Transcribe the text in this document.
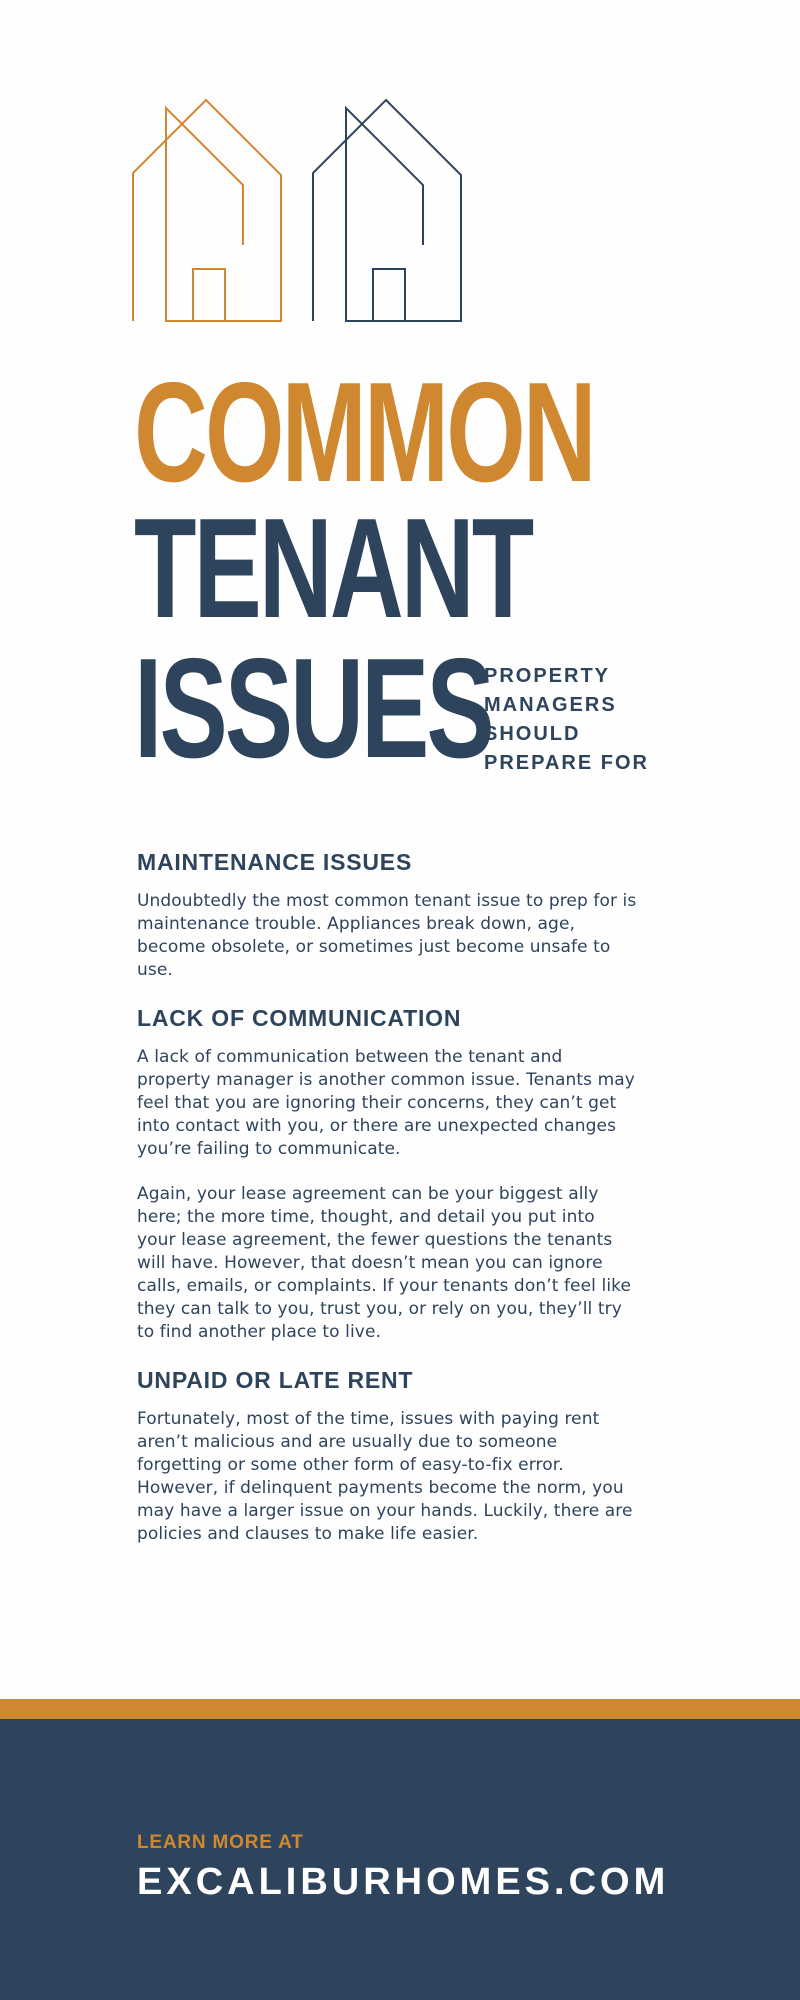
COMMON
TENANT
ISSUES
PROPERTY
MANAGERS
SHOULD
PREPARE FOR
MAINTENANCE ISSUES

Undoubtedly the most common tenant issue to prep for is maintenance trouble. Appliances break down, age, become obsolete, or sometimes just become unsafe to use.

LACK OF COMMUNICATION

A lack of communication between the tenant and property manager is another common issue. Tenants may feel that you are ignoring their concerns, they can’t get into contact with you, or there are unexpected changes you’re failing to communicate.

Again, your lease agreement can be your biggest ally here; the more time, thought, and detail you put into your lease agreement, the fewer questions the tenants will have. However, that doesn’t mean you can ignore calls, emails, or complaints. If your tenants don’t feel like they can talk to you, trust you, or rely on you, they’ll try to find another place to live.

UNPAID OR LATE RENT

Fortunately, most of the time, issues with paying rent aren’t malicious and are usually due to someone forgetting or some other form of easy-to-fix error. However, if delinquent payments become the norm, you may have a larger issue on your hands. Luckily, there are policies and clauses to make life easier.

LEARN MORE AT
EXCALIBURHOMES.COM
